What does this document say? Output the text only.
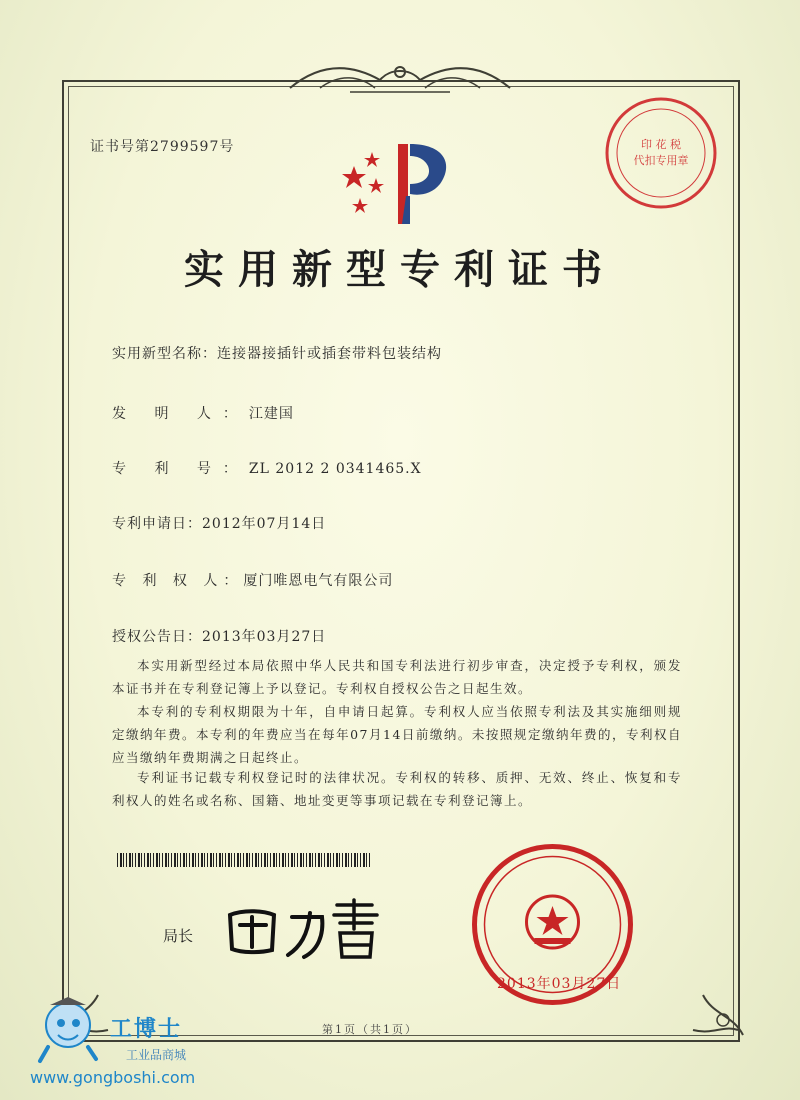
证书号第2799597号	印 花 税
代扣专用章
实用新型专利证书
实用新型名称：连接器接插针或插套带料包装结构
发 明 人：江建国
专 利 号：ZL 2012 2 0341465.X
专利申请日：2012年07月14日
专 利 权 人：厦门唯恩电气有限公司
授权公告日：2013年03月27日
本实用新型经过本局依照中华人民共和国专利法进行初步审查，决定授予专利权，颁发本证书并在专利登记簿上予以登记。专利权自授权公告之日起生效。
本专利的专利权期限为十年，自申请日起算。专利权人应当依照专利法及其实施细则规定缴纳年费。本专利的年费应当在每年07月14日前缴纳。未按照规定缴纳年费的，专利权自应当缴纳年费期满之日起终止。
专利证书记载专利权登记时的法律状况。专利权的转移、质押、无效、终止、恢复和专利权人的姓名或名称、国籍、地址变更等事项记载在专利登记簿上。
局长
2013年03月27日
第1页（共1页）
工博士
工业品商城
www.gongboshi.com
